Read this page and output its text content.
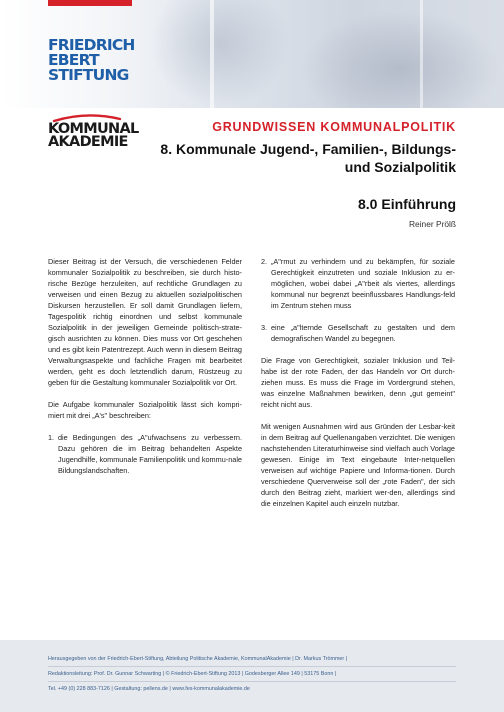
FRIEDRICH
EBERT
STIFTUNG
KOMMUNAL
AKADEMIE
GRUNDWISSEN KOMMUNALPOLITIK
8. Kommunale Jugend-, Familien-, Bildungs-
und Sozialpolitik
8.0 Einführung
Reiner Prölß

Dieser Beitrag ist der Versuch, die verschiedenen Felder kommunaler Sozialpolitik zu beschreiben, sie durch histo-rische Bezüge herzuleiten, auf rechtliche Grundlagen zu verweisen und einen Bezug zu aktuellen sozialpolitischen Diskursen herzustellen. Er soll damit Grundlagen liefern, Tagespolitik richtig einordnen und selbst kommunale Sozialpolitik in der jeweiligen Gemeinde politisch-strate-gisch ausrichten zu können. Dies muss vor Ort geschehen und es gibt kein Patentrezept. Auch wenn in diesem Beitrag Verwaltungsaspekte und fachliche Fragen mit bearbeitet werden, geht es doch letztendlich darum, Rüstzeug zu geben für die Gestaltung kommunaler Sozialpolitik vor Ort.

Die Aufgabe kommunaler Sozialpolitik lässt sich kompri-miert mit drei „A's" beschreiben:

1. die Bedingungen des „A"ufwachsens zu verbessern. Dazu gehören die im Beitrag behandelten Aspekte Jugendhilfe, kommunale Familienpolitik und kommu-nale Bildungslandschaften.
2. „A"rmut zu verhindern und zu bekämpfen, für soziale Gerechtigkeit einzutreten und soziale Inklusion zu er-möglichen, wobei dabei „A"rbeit als viertes, allerdings kommunal nur begrenzt beeinflussbares Handlungs-feld im Zentrum stehen muss
3. eine „a"lternde Gesellschaft zu gestalten und dem demografischen Wandel zu begegnen.

Die Frage von Gerechtigkeit, sozialer Inklusion und Teil-habe ist der rote Faden, der das Handeln vor Ort durch-ziehen muss. Es muss die Frage im Vordergrund stehen, was einzelne Maßnahmen bewirken, denn „gut gemeint" reicht nicht aus.

Mit wenigen Ausnahmen wird aus Gründen der Lesbar-keit in dem Beitrag auf Quellenangaben verzichtet. Die wenigen nachstehenden Literaturhinweise sind vielfach auch Vorlage gewesen. Einige im Text eingebaute Inter-netquellen verweisen auf wichtige Papiere und Informa-tionen. Durch verschiedene Querverweise soll der „rote Faden", der sich durch den Beitrag zieht, markiert wer-den, allerdings sind die einzelnen Kapitel auch einzeln nutzbar.

Herausgegeben von der Friedrich-Ebert-Stiftung, Abteilung Politische Akademie, KommunalAkademie | Dr. Markus Trömmer |
Redaktionsleitung: Prof. Dr. Gunnar Schwarting | © Friedrich-Ebert-Stiftung 2013 | Godesberger Allee 149 | 53175 Bonn |
Tel. +49 (0) 228 883-7126 | Gestaltung: pellens.de | www.fes-kommunalakademie.de
